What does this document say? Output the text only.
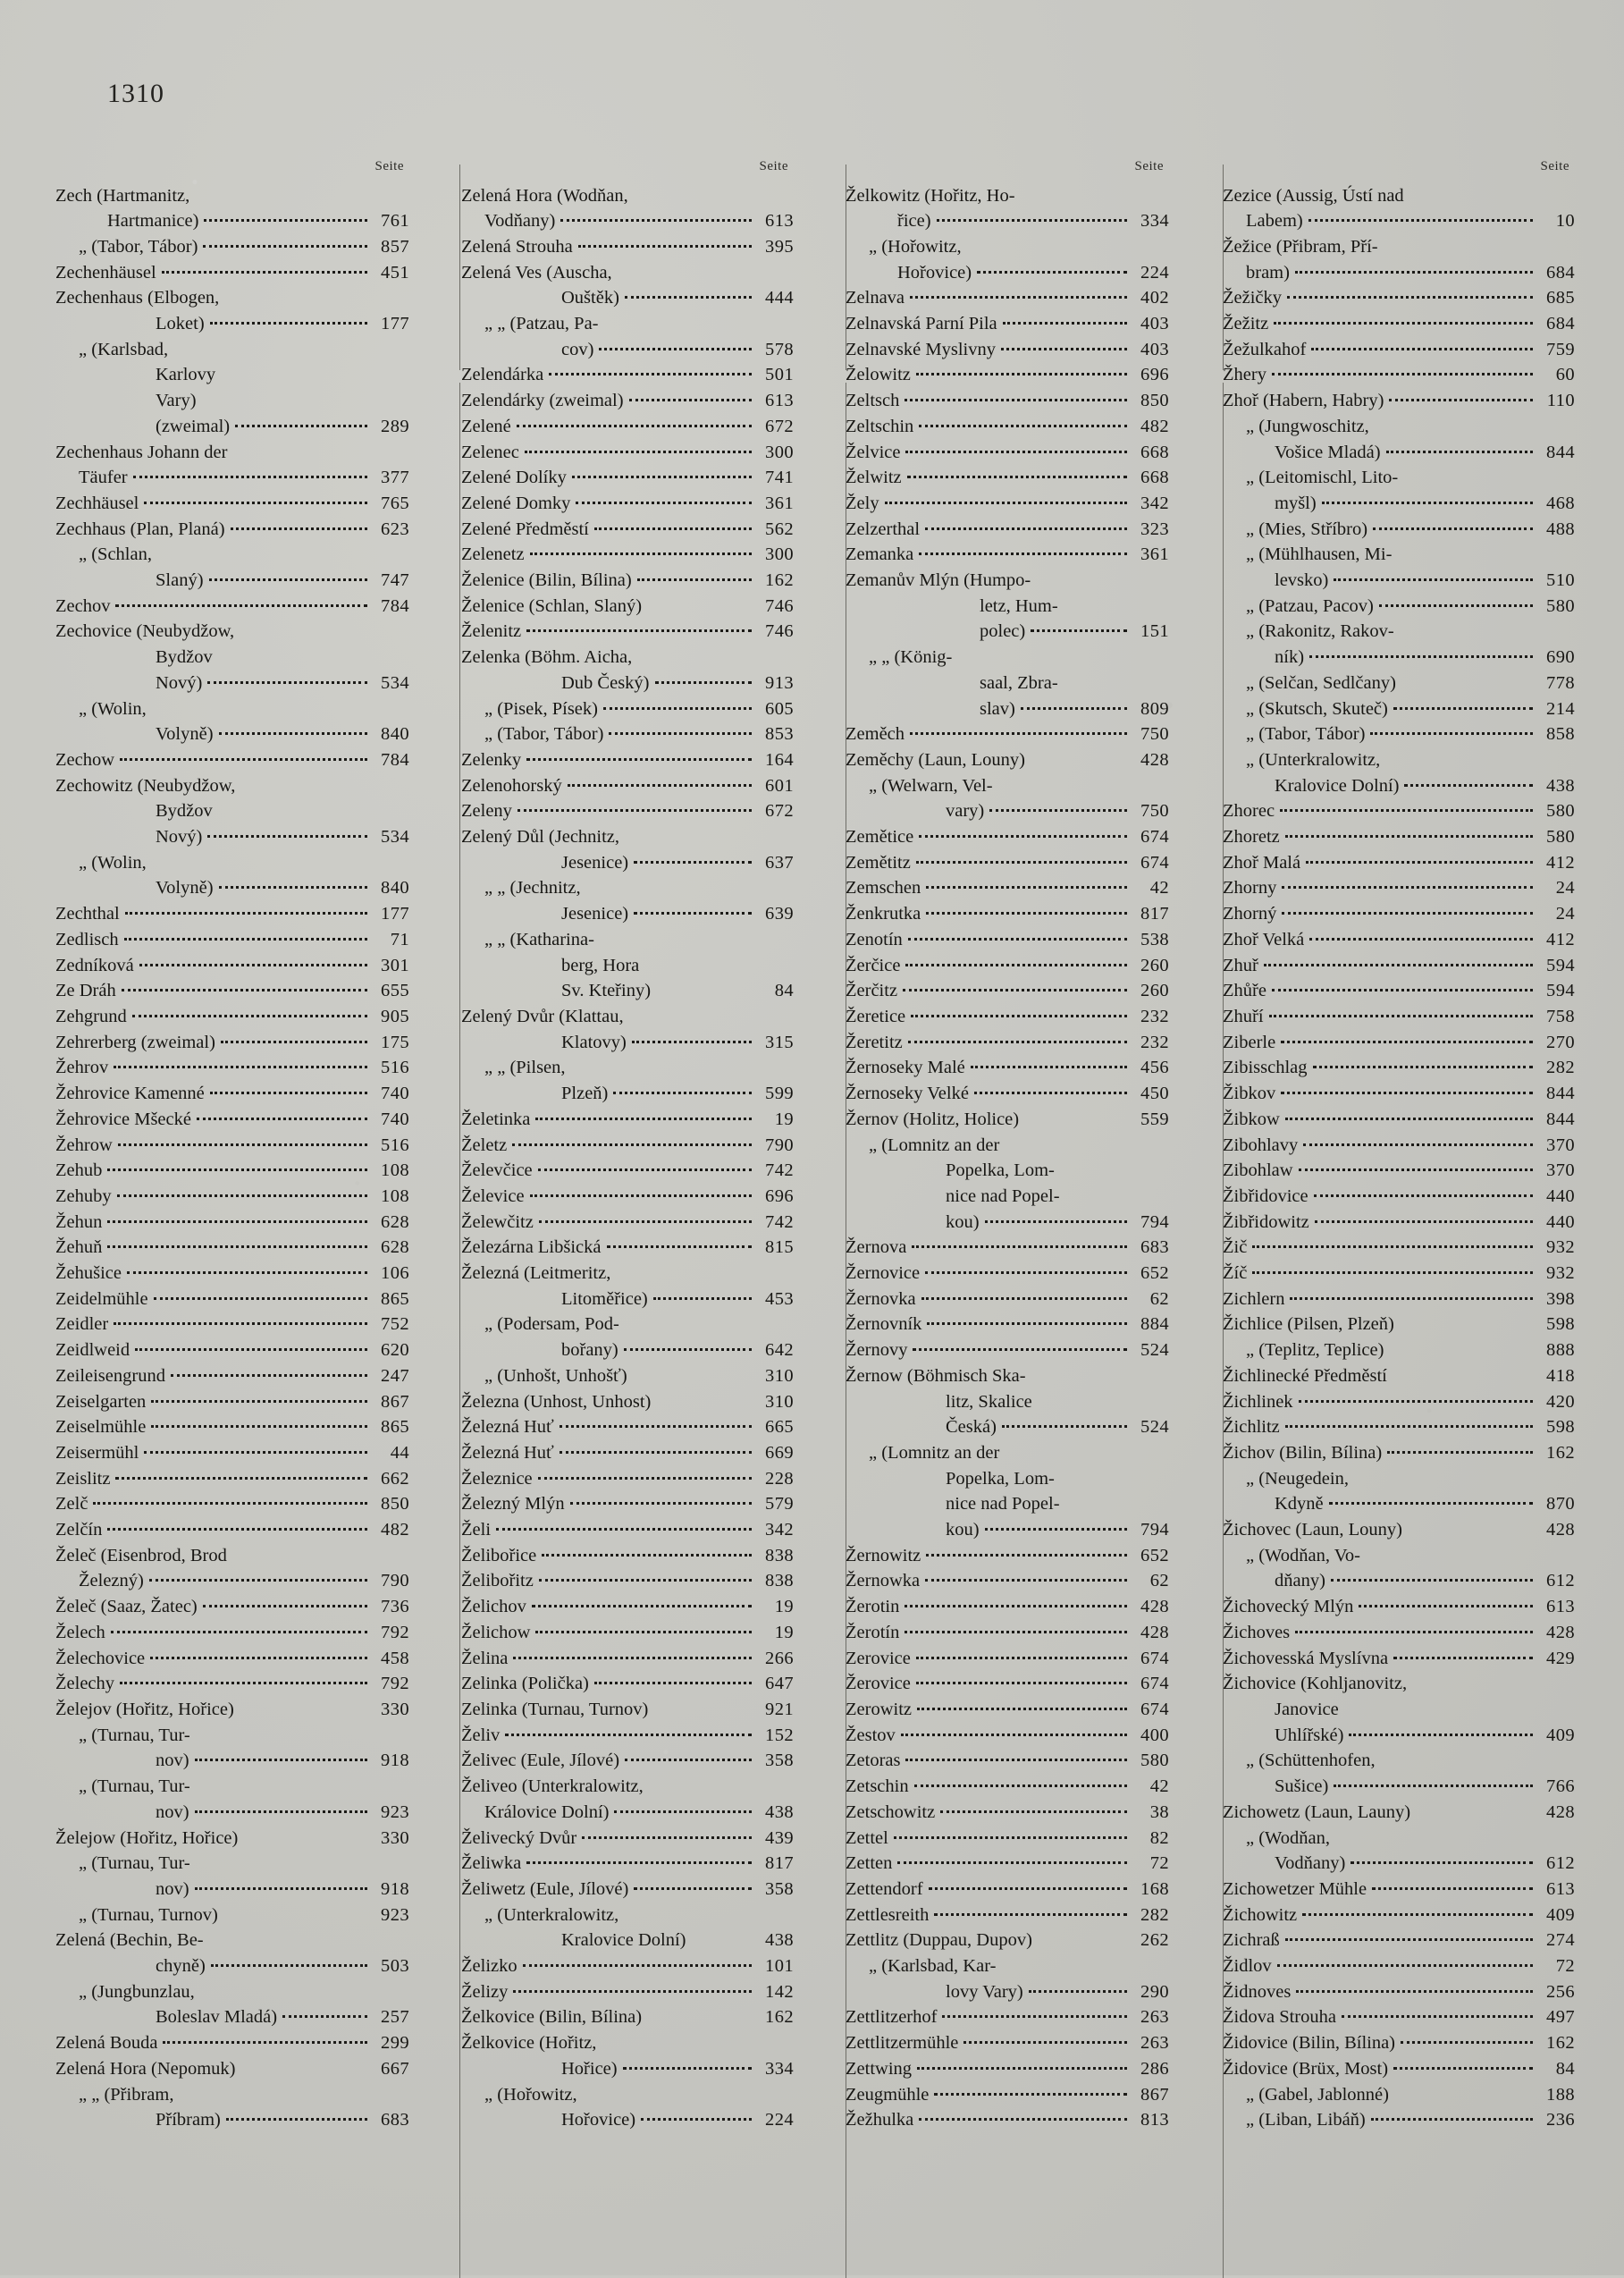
1310
Seite
Zech (Hartmanitz,
Hartmanice)	761
„ (Tabor, Tábor)	857
Zechenhäusel	451
Zechenhaus (Elbogen,
Loket)	177
„ (Karlsbad,
Karlovy
Vary)
(zweimal)	289
Zechenhaus Johann der
Täufer	377
Zechhäusel	765
Zechhaus (Plan, Planá)	623
„ (Schlan,
Slaný)	747
Zechov	784
Zechovice (Neubydžow,
Bydžov
Nový)	534
„ (Wolin,
Volyně)	840
Zechow	784
Zechowitz (Neubydžow,
Bydžov
Nový)	534
„ (Wolin,
Volyně)	840
Zechthal	177
Zedlisch	71
Zedníková	301
Ze Dráh	655
Zehgrund	905
Zehrerberg (zweimal)	175
Žehrov	516
Žehrovice Kamenné	740
Žehrovice Mšecké	740
Žehrow	516
Zehub	108
Zehuby	108
Žehun	628
Žehuň	628
Žehušice	106
Zeidelmühle	865
Zeidler	752
Zeidlweid	620
Zeileisengrund	247
Zeiselgarten	867
Zeiselmühle	865
Zeisermühl	44
Zeislitz	662
Zelč	850
Zelčín	482
Želeč (Eisenbrod, Brod
Železný)	790
Želeč (Saaz, Žatec)	736
Želech	792
Želechovice	458
Želechy	792
Želejov (Hořitz, Hořice)	330
„ (Turnau, Tur-
nov)	918
„ (Turnau, Tur-
nov)	923
Želejow (Hořitz, Hořice)	330
„ (Turnau, Tur-
nov)	918
„ (Turnau, Turnov)	923
Zelená (Bechin, Be-
chyně)	503
„ (Jungbunzlau,
Boleslav Mladá)	257
Zelená Bouda	299
Zelená Hora (Nepomuk)	667
„ „ (Přibram,
Příbram)	683
Seite
Zelená Hora (Wodňan,
Vodňany)	613
Zelená Strouha	395
Zelená Ves (Auscha,
Ouštěk)	444
„ „ (Patzau, Pa-
cov)	578
Zelendárka	501
Zelendárky (zweimal)	613
Zelené	672
Zelenec	300
Zelené Dolíky	741
Zelené Domky	361
Zelené Předměstí	562
Zelenetz	300
Želenice (Bilin, Bílina)	162
Želenice (Schlan, Slaný)	746
Želenitz	746
Zelenka (Böhm. Aicha,
Dub Český)	913
„ (Pisek, Písek)	605
„ (Tabor, Tábor)	853
Zelenky	164
Zelenohorský	601
Zeleny	672
Zelený Důl (Jechnitz,
Jesenice)	637
„ „ (Jechnitz,
Jesenice)	639
„ „ (Katharina-
berg, Hora
Sv. Kteřiny)	84
Zelený Dvůr (Klattau,
Klatovy)	315
„ „ (Pilsen,
Plzeň)	599
Želetinka	19
Želetz	790
Želevčice	742
Želevice	696
Želewčitz	742
Železárna Libšická	815
Železná (Leitmeritz,
Litoměřice)	453
„ (Podersam, Pod-
bořany)	642
„ (Unhošt, Unhošť)	310
Železna (Unhost, Unhost)	310
Železná Huť	665
Železná Huť	669
Železnice	228
Železný Mlýn	579
Želi	342
Želibořice	838
Želibořitz	838
Želichov	19
Želichow	19
Želina	266
Zelinka (Polička)	647
Zelinka (Turnau, Turnov)	921
Želiv	152
Želivec (Eule, Jílové)	358
Želiveo (Unterkralowitz,
Královice Dolní)	438
Želivecký Dvůr	439
Želiwka	817
Želiwetz (Eule, Jílové)	358
„ (Unterkralowitz,
Kralovice Dolní)	438
Želizko	101
Želizy	142
Želkovice (Bilin, Bílina)	162
Želkovice (Hořitz,
Hořice)	334
„ (Hořowitz,
Hořovice)	224
Seite
Želkowitz (Hořitz, Ho-
řice)	334
„ (Hořowitz,
Hořovice)	224
Zelnava	402
Zelnavská Parní Pila	403
Zelnavské Myslivny	403
Želowitz	696
Zeltsch	850
Zeltschin	482
Želvice	668
Želwitz	668
Žely	342
Zelzerthal	323
Zemanka	361
Zemanův Mlýn (Humpo-
letz, Hum-
polec)	151
„ „ (König-
saal, Zbra-
slav)	809
Zeměch	750
Zeměchy (Laun, Louny)	428
„ (Welwarn, Vel-
vary)	750
Zemětice	674
Zemětitz	674
Zemschen	42
Ženkrutka	817
Zenotín	538
Žerčice	260
Žerčitz	260
Žeretice	232
Žeretitz	232
Žernoseky Malé	456
Žernoseky Velké	450
Žernov (Holitz, Holice)	559
„ (Lomnitz an der
Popelka, Lom-
nice nad Popel-
kou)	794
Žernova	683
Žernovice	652
Žernovka	62
Žernovník	884
Žernovy	524
Žernow (Böhmisch Ska-
litz, Skalice
Česká)	524
„ (Lomnitz an der
Popelka, Lom-
nice nad Popel-
kou)	794
Žernowitz	652
Žernowka	62
Žerotin	428
Žerotín	428
Zerovice	674
Žerovice	674
Zerowitz	674
Žestov	400
Zetoras	580
Zetschin	42
Zetschowitz	38
Zettel	82
Zetten	72
Zettendorf	168
Zettlesreith	282
Zettlitz (Duppau, Dupov)	262
„ (Karlsbad, Kar-
lovy Vary)	290
Zettlitzerhof	263
Zettlitzermühle	263
Zettwing	286
Zeugmühle	867
Žežhulka	813
Seite
Zezice (Aussig, Ústí nad
Labem)	10
Žežice (Přibram, Pří-
bram)	684
Žežičky	685
Žežitz	684
Žežulkahof	759
Žhery	60
Zhoř (Habern, Habry)	110
„ (Jungwoschitz,
Vošice Mladá)	844
„ (Leitomischl, Lito-
myšl)	468
„ (Mies, Stříbro)	488
„ (Mühlhausen, Mi-
levsko)	510
„ (Patzau, Pacov)	580
„ (Rakonitz, Rakov-
ník)	690
„ (Selčan, Sedlčany)	778
„ (Skutsch, Skuteč)	214
„ (Tabor, Tábor)	858
„ (Unterkralowitz,
Kralovice Dolní)	438
Zhorec	580
Zhoretz	580
Zhoř Malá	412
Zhorny	24
Zhorný	24
Zhoř Velká	412
Zhuř	594
Zhůře	594
Zhuří	758
Ziberle	270
Zibisschlag	282
Žibkov	844
Žibkow	844
Zibohlavy	370
Zibohlaw	370
Žibřidovice	440
Žibřidowitz	440
Žič	932
Žíč	932
Zichlern	398
Žichlice (Pilsen, Plzeň)	598
„ (Teplitz, Teplice)	888
Žichlinecké Předměstí	418
Žichlinek	420
Žichlitz	598
Žichov (Bilin, Bílina)	162
„ (Neugedein,
Kdyně	870
Žichovec (Laun, Louny)	428
„ (Wodňan, Vo-
dňany)	612
Žichovecký Mlýn	613
Žichoves	428
Žichovesská Myslívna	429
Žichovice (Kohljanovitz,
Janovice
Uhlířské)	409
„ (Schüttenhofen,
Sušice)	766
Zichowetz (Laun, Launy)	428
„ (Wodňan,
Vodňany)	612
Zichowetzer Mühle	613
Žichowitz	409
Zichraß	274
Židlov	72
Židnoves	256
Židova Strouha	497
Židovice (Bilin, Bílina)	162
Židovice (Brüx, Most)	84
„ (Gabel, Jablonné)	188
„ (Liban, Libáň)	236
